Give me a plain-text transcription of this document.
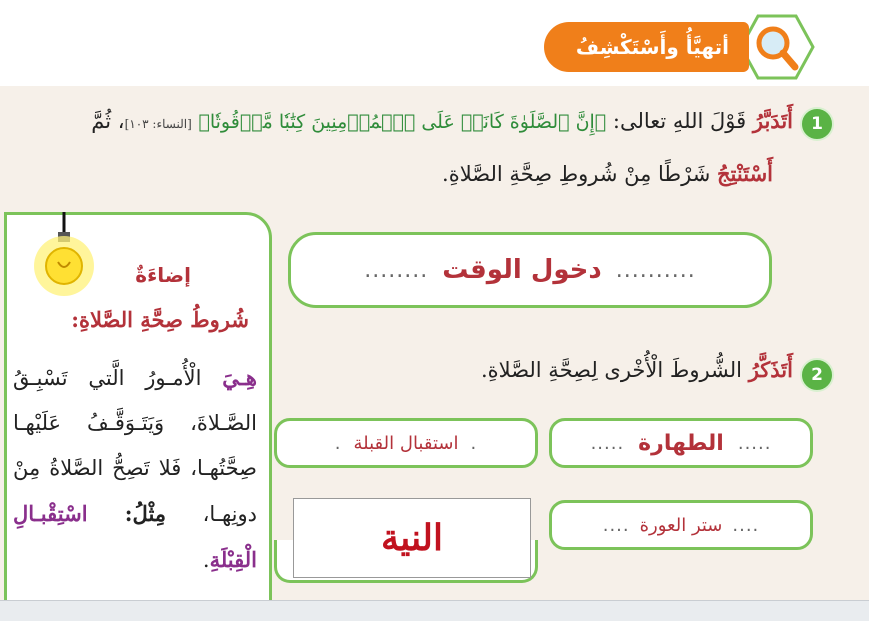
أتهيَّأُ وأَسْتَكْشِفُ
1
أَتَدَبَّرُ قَوْلَ اللهِ تعالى: ﴿إِنَّ ٱلصَّلَوٰةَ كَانَتۡ عَلَى ٱلۡمُؤۡمِنِينَ كِتَٰبٗا مَّوۡقُوتٗا﴾ [النساء: ١٠٣]، ثُمَّ
أَسْتَنْتِجُ شَرْطًا مِنْ شُروطِ صِحَّةِ الصَّلاةِ.
..........
دخول الوقت
........
2
أَتَذَكَّرُ الشُّروطَ الْأُخْرى لِصِحَّةِ الصَّلاةِ.
.....
الطهارة
.....
.
استقبال القبلة
.
....
ستر العورة
....
النية
إضاءَةٌ
شُروطُ صِحَّةِ الصَّلاةِ:
هِـيَ الْأُمـورُ الَّتي تَسْبِـقُ الصَّـلاةَ، وَيَتَـوَقَّـفُ عَلَيْهـا صِحَّتُهـا، فَلا تَصِحُّ الصَّلاةُ مِنْ دونِهـا، مِثْلُ: اسْتِقْبـالِ الْقِبْلَةِ.
